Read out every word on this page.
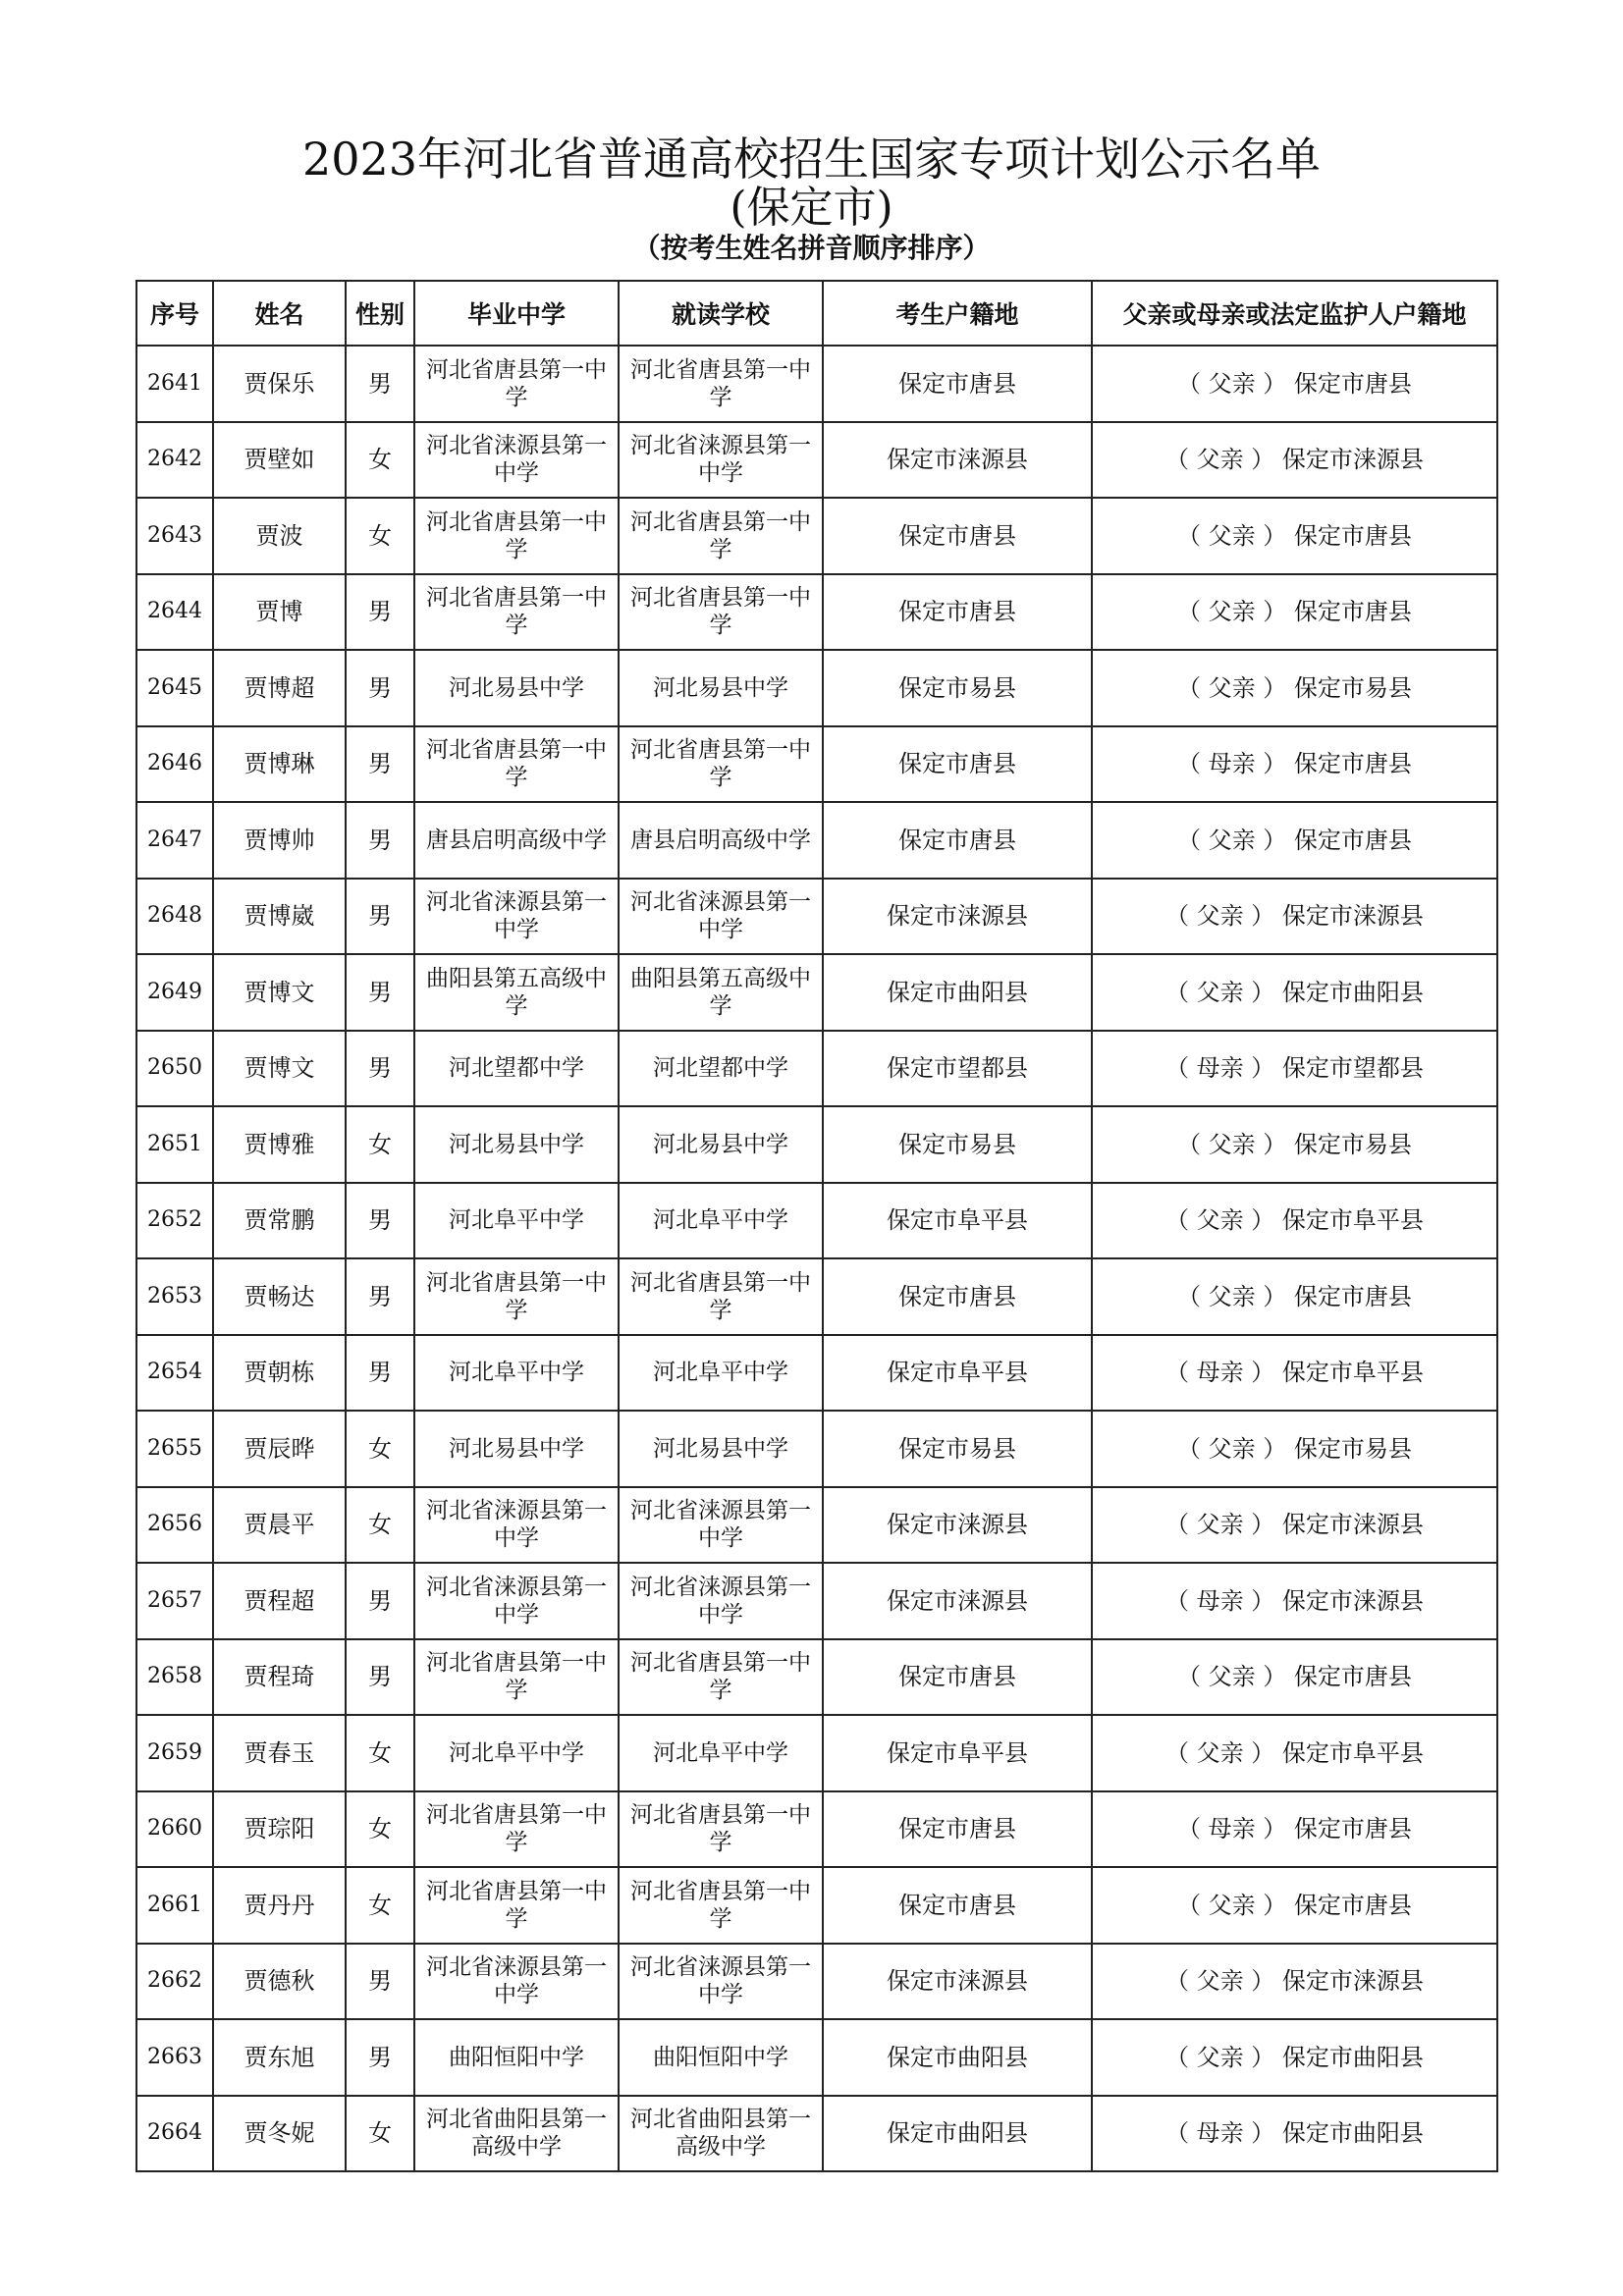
2023年河北省普通高校招生国家专项计划公示名单
(保定市)
（按考生姓名拼音顺序排序）
序号	姓名	性别	毕业中学	就读学校	考生户籍地	父亲或母亲或法定监护人户籍地
2641	贾保乐	男	河北省唐县第一中学	河北省唐县第一中学	保定市唐县	（ 父亲 ） 保定市唐县
2642	贾壁如	女	河北省涞源县第一中学	河北省涞源县第一中学	保定市涞源县	（ 父亲 ） 保定市涞源县
2643	贾波	女	河北省唐县第一中学	河北省唐县第一中学	保定市唐县	（ 父亲 ） 保定市唐县
2644	贾博	男	河北省唐县第一中学	河北省唐县第一中学	保定市唐县	（ 父亲 ） 保定市唐县
2645	贾博超	男	河北易县中学	河北易县中学	保定市易县	（ 父亲 ） 保定市易县
2646	贾博琳	男	河北省唐县第一中学	河北省唐县第一中学	保定市唐县	（ 母亲 ） 保定市唐县
2647	贾博帅	男	唐县启明高级中学	唐县启明高级中学	保定市唐县	（ 父亲 ） 保定市唐县
2648	贾博崴	男	河北省涞源县第一中学	河北省涞源县第一中学	保定市涞源县	（ 父亲 ） 保定市涞源县
2649	贾博文	男	曲阳县第五高级中学	曲阳县第五高级中学	保定市曲阳县	（ 父亲 ） 保定市曲阳县
2650	贾博文	男	河北望都中学	河北望都中学	保定市望都县	（ 母亲 ） 保定市望都县
2651	贾博雅	女	河北易县中学	河北易县中学	保定市易县	（ 父亲 ） 保定市易县
2652	贾常鹏	男	河北阜平中学	河北阜平中学	保定市阜平县	（ 父亲 ） 保定市阜平县
2653	贾畅达	男	河北省唐县第一中学	河北省唐县第一中学	保定市唐县	（ 父亲 ） 保定市唐县
2654	贾朝栋	男	河北阜平中学	河北阜平中学	保定市阜平县	（ 母亲 ） 保定市阜平县
2655	贾辰晔	女	河北易县中学	河北易县中学	保定市易县	（ 父亲 ） 保定市易县
2656	贾晨平	女	河北省涞源县第一中学	河北省涞源县第一中学	保定市涞源县	（ 父亲 ） 保定市涞源县
2657	贾程超	男	河北省涞源县第一中学	河北省涞源县第一中学	保定市涞源县	（ 母亲 ） 保定市涞源县
2658	贾程琦	男	河北省唐县第一中学	河北省唐县第一中学	保定市唐县	（ 父亲 ） 保定市唐县
2659	贾春玉	女	河北阜平中学	河北阜平中学	保定市阜平县	（ 父亲 ） 保定市阜平县
2660	贾琮阳	女	河北省唐县第一中学	河北省唐县第一中学	保定市唐县	（ 母亲 ） 保定市唐县
2661	贾丹丹	女	河北省唐县第一中学	河北省唐县第一中学	保定市唐县	（ 父亲 ） 保定市唐县
2662	贾德秋	男	河北省涞源县第一中学	河北省涞源县第一中学	保定市涞源县	（ 父亲 ） 保定市涞源县
2663	贾东旭	男	曲阳恒阳中学	曲阳恒阳中学	保定市曲阳县	（ 父亲 ） 保定市曲阳县
2664	贾冬妮	女	河北省曲阳县第一高级中学	河北省曲阳县第一高级中学	保定市曲阳县	（ 母亲 ） 保定市曲阳县
